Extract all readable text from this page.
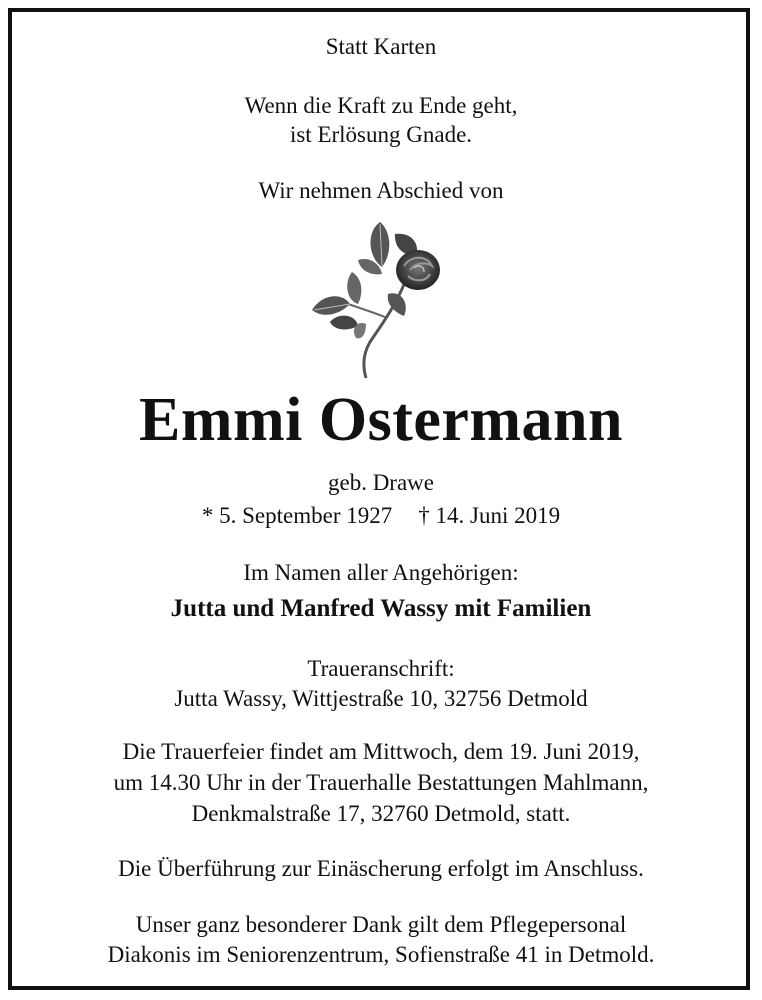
Statt Karten

Wenn die Kraft zu Ende geht,

ist Erlösung Gnade.

Wir nehmen Abschied von

Emmi Ostermann

geb. Drawe

* 5. September 1927 † 14. Juni 2019

Im Namen aller Angehörigen:

Jutta und Manfred Wassy mit Familien

Traueranschrift:

Jutta Wassy, Wittjestraße 10, 32756 Detmold

Die Trauerfeier findet am Mittwoch, dem 19. Juni 2019,

um 14.30 Uhr in der Trauerhalle Bestattungen Mahlmann,

Denkmalstraße 17, 32760 Detmold, statt.

Die Überführung zur Einäscherung erfolgt im Anschluss.

Unser ganz besonderer Dank gilt dem Pflegepersonal

Diakonis im Seniorenzentrum, Sofienstraße 41 in Detmold.
